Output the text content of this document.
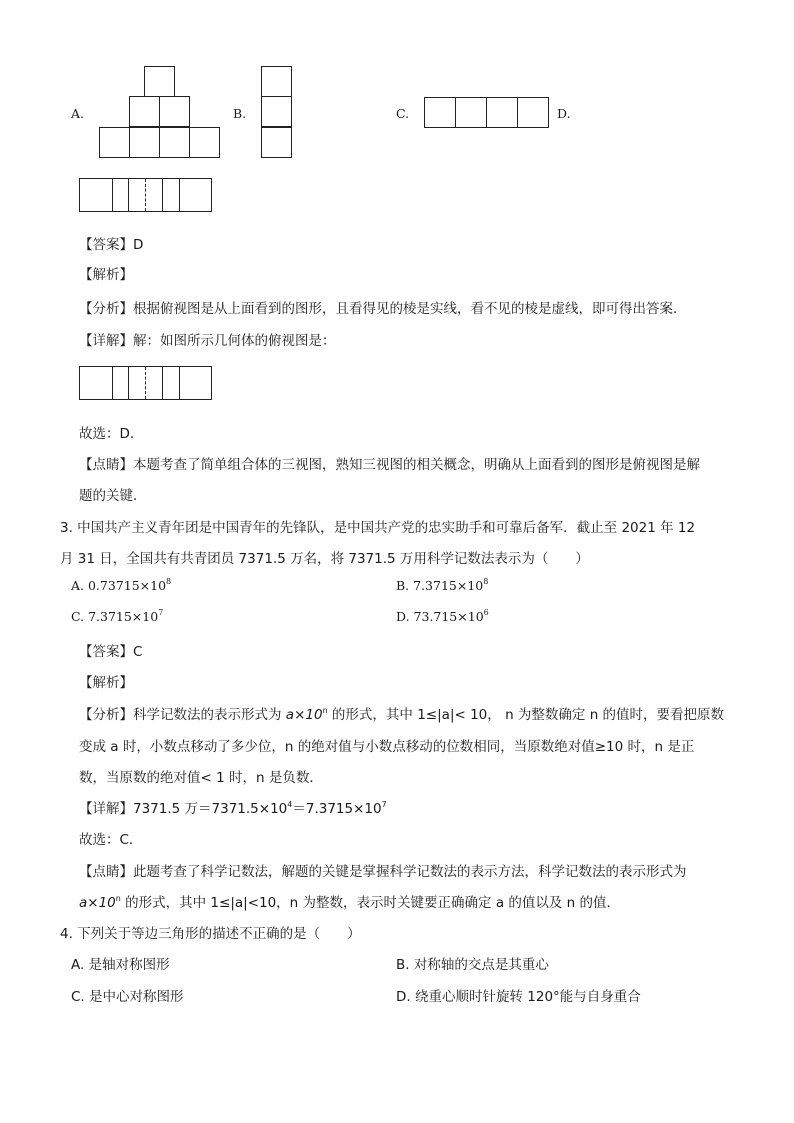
A.	B.	C.	D.
【答案】D
【解析】
【分析】根据俯视图是从上面看到的图形，且看得见的棱是实线，看不见的棱是虚线，即可得出答案．
【详解】解：如图所示几何体的俯视图是：
故选：D．
【点睛】本题考查了简单组合体的三视图，熟知三视图的相关概念，明确从上面看到的图形是俯视图是解
题的关键．
3. 中国共产主义青年团是中国青年的先锋队，是中国共产党的忠实助手和可靠后备军．截止至 2021 年 12
月 31 日，全国共有共青团员 7371.5 万名，将 7371.5 万用科学记数法表示为（　　）
A. $0.73715\times 10^8$	B. $7.3715\times 10^8$
C. $7.3715\times 10^7$	D. $73.715\times 10^6$
【答案】C
【解析】
【分析】科学记数法的表示形式为 $a\times 10^n$ 的形式，其中 1≤|a|< 10， n 为整数确定 n 的值时，要看把原数
变成 a 时，小数点移动了多少位，n 的绝对值与小数点移动的位数相同，当原数绝对值≥10 时，n 是正
数，当原数的绝对值< 1 时，n 是负数．
【详解】7371.5 万$=7371.5\times 10^4=7.3715\times 10^7$
故选：C．
【点睛】此题考查了科学记数法，解题的关键是掌握科学记数法的表示方法，科学记数法的表示形式为
$a\times 10^n$ 的形式，其中 1≤|a|<10，n 为整数，表示时关键要正确确定 a 的值以及 n 的值．
4. 下列关于等边三角形的描述不正确的是（　　）
A. 是轴对称图形	B. 对称轴的交点是其重心
C. 是中心对称图形	D. 绕重心顺时针旋转 120°能与自身重合
